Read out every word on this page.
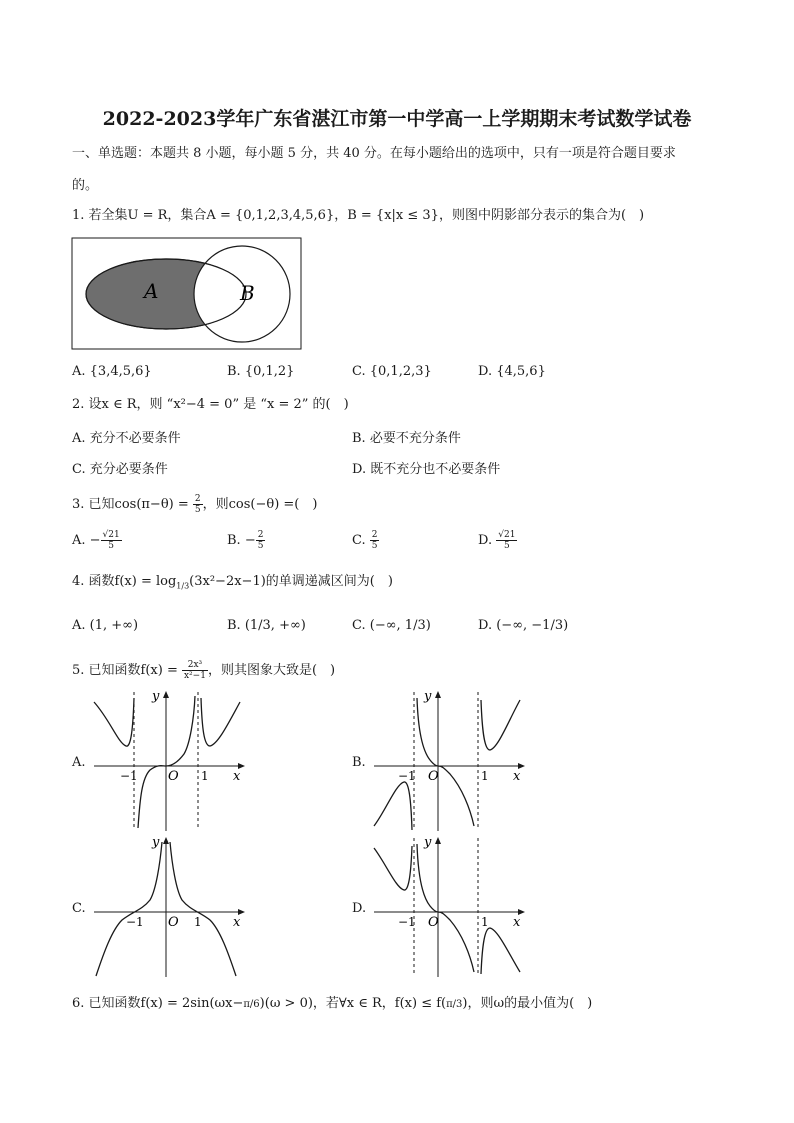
2022-2023学年广东省湛江市第一中学高一上学期期末考试数学试卷
一、单选题：本题共 8 小题，每小题 5 分，共 40 分。在每小题给出的选项中，只有一项是符合题目要求
的。
1. 若全集U = R，集合A = {0,1,2,3,4,5,6}，B = {x|x ≤ 3}，则图中阴影部分表示的集合为(　)
A	B
A. {3,4,5,6}	B. {0,1,2}	C. {0,1,2,3}	D. {4,5,6}
2. 设x ∈ R，则 “x²−4 = 0” 是 “x = 2” 的(　)
A. 充分不必要条件	B. 必要不充分条件
C. 充分必要条件	D. 既不充分也不必要条件
3. 已知$\cos(\pi-\theta) = \frac{2}{5}$ ，则cos(−θ) =(　)
A. − $\frac{√21}{5}$	B. − $\frac{2}{5}$	C. $\frac{2}{5}$	D. $\frac{√21}{5}$
4. 函数$f(x) = \log_{1/3}(3x^2-2x-1)$的单调递减区间为(　)
A. (1, +∞)	B. (1/3, +∞)	C. (−∞, 1/3)	D. (−∞, −1/3)
5. 已知函数$f(x) = \frac{\text{2x³}}{\text{x²−1}}$ ，则其图象大致是(　)
A.	B.
C.	D.
y
x
O
−1	1
y
x
O
−1	1
y
x
O
−1	1
y
x
O
−1	1
6. 已知函数f(x) = 2sin(ωx−π/6)(ω > 0)，若∀x ∈ R，f(x) ≤ f(π/3)，则ω的最小值为(　)
